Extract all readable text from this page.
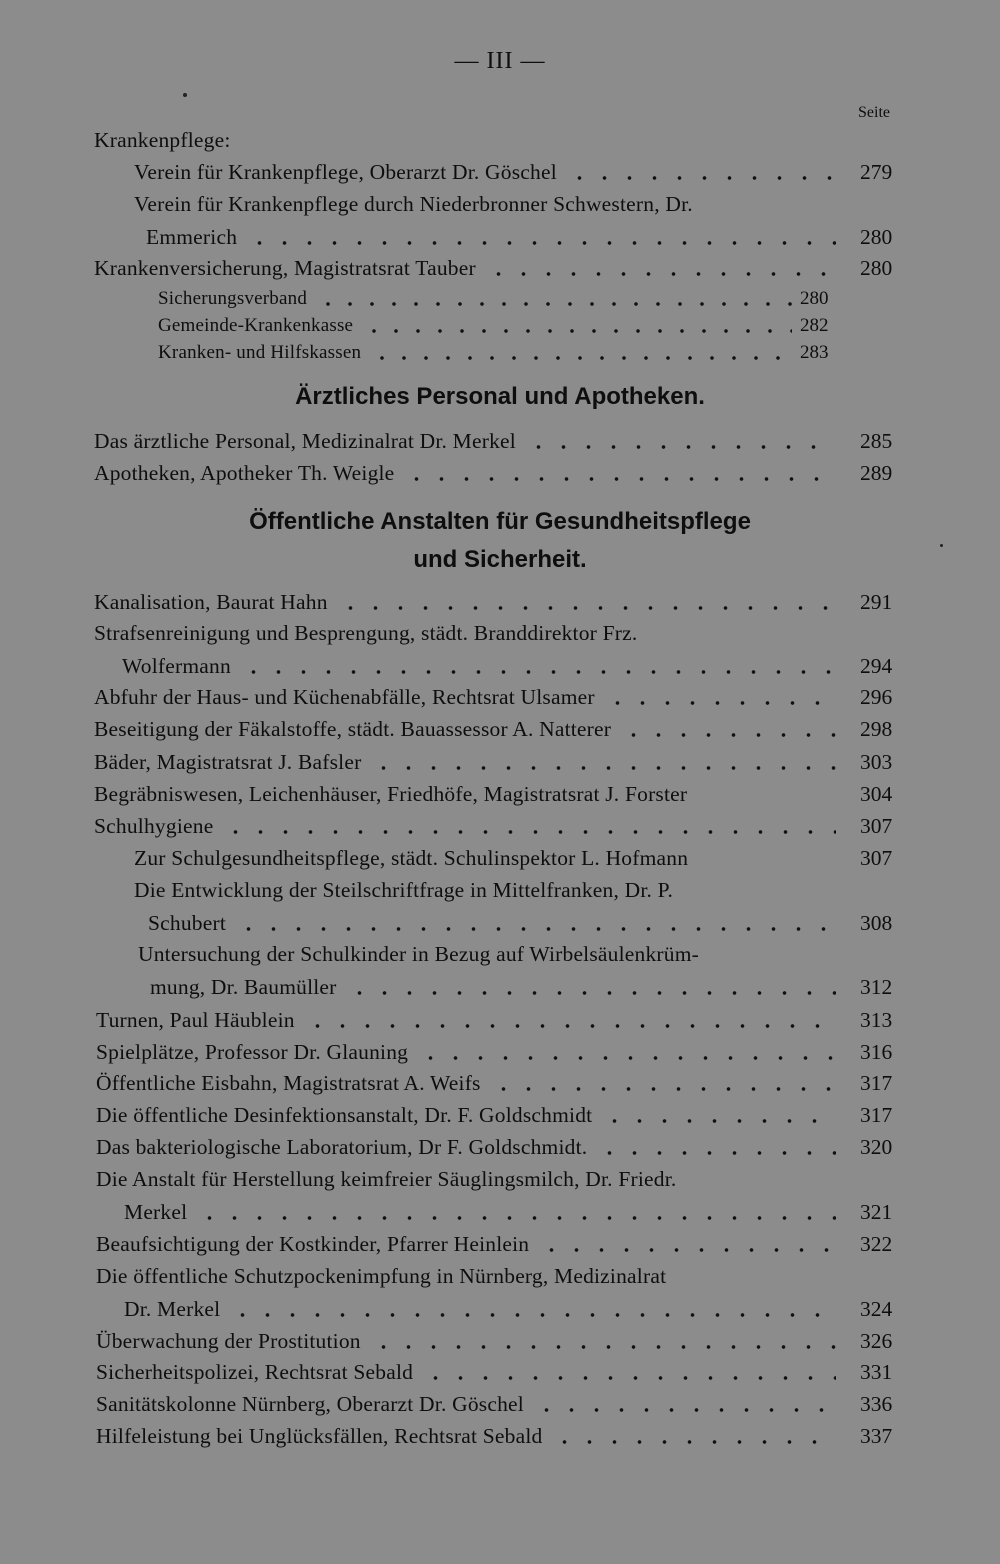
— III —
Seite
Ärztliches Personal und Apotheken.
Öffentliche Anstalten für Gesundheitspflege
und Sicherheit.
Krankenpflege:
Verein für Krankenpflege, Oberarzt Dr. Göschel	279
Verein für Krankenpflege durch Niederbronner Schwestern, Dr.
Emmerich	280
Krankenversicherung, Magistratsrat Tauber	280
Sicherungsverband	280
Gemeinde-Krankenkasse	282
Kranken- und Hilfskassen	283
Das ärztliche Personal, Medizinalrat Dr. Merkel	285
Apotheken, Apotheker Th. Weigle	289
Kanalisation, Baurat Hahn	291
Strafsenreinigung und Besprengung, städt. Branddirektor Frz.
Wolfermann	294
Abfuhr der Haus- und Küchenabfälle, Rechtsrat Ulsamer	296
Beseitigung der Fäkalstoffe, städt. Bauassessor A. Natterer	298
Bäder, Magistratsrat J. Bafsler	303
Begräbniswesen, Leichenhäuser, Friedhöfe, Magistratsrat J. Forster	304
Schulhygiene	307
Zur Schulgesundheitspflege, städt. Schulinspektor L. Hofmann	307
Die Entwicklung der Steilschriftfrage in Mittelfranken, Dr. P.
Schubert	308
Untersuchung der Schulkinder in Bezug auf Wirbelsäulenkrüm-
mung, Dr. Baumüller	312
Turnen, Paul Häublein	313
Spielplätze, Professor Dr. Glauning	316
Öffentliche Eisbahn, Magistratsrat A. Weifs	317
Die öffentliche Desinfektionsanstalt, Dr. F. Goldschmidt	317
Das bakteriologische Laboratorium, Dr F. Goldschmidt.	320
Die Anstalt für Herstellung keimfreier Säuglingsmilch, Dr. Friedr.
Merkel	321
Beaufsichtigung der Kostkinder, Pfarrer Heinlein	322
Die öffentliche Schutzpockenimpfung in Nürnberg, Medizinalrat
Dr. Merkel	324
Überwachung der Prostitution	326
Sicherheitspolizei, Rechtsrat Sebald	331
Sanitätskolonne Nürnberg, Oberarzt Dr. Göschel	336
Hilfeleistung bei Unglücksfällen, Rechtsrat Sebald	337
